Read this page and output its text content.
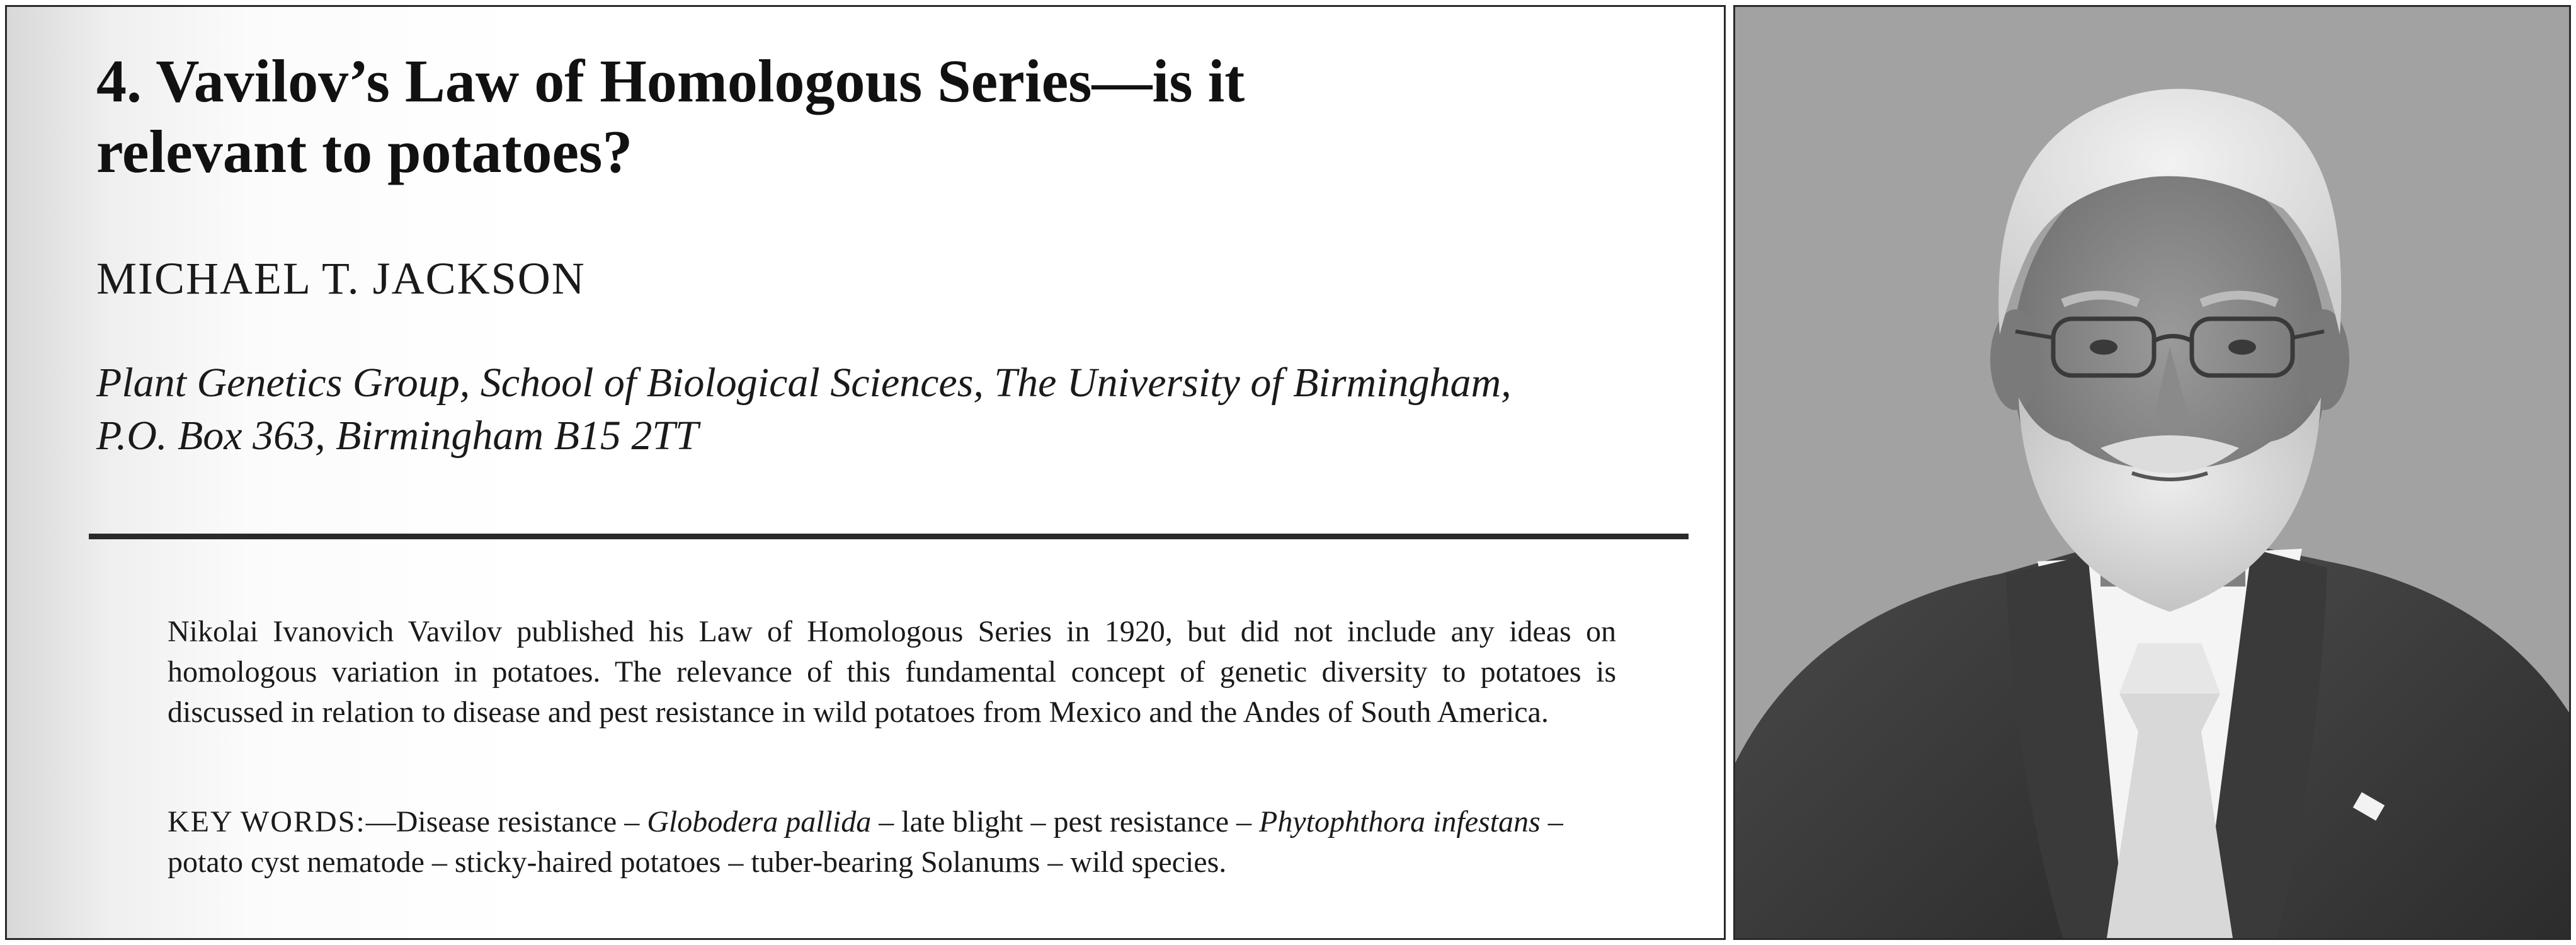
4. Vavilov’s Law of Homologous Series—is it
relevant to potatoes?
MICHAEL T. JACKSON
Plant Genetics Group, School of Biological Sciences, The University of Birmingham,
P.O. Box 363, Birmingham B15 2TT
Nikolai Ivanovich Vavilov published his Law of Homologous Series in 1920, but did not include any ideas on homologous variation in potatoes. The relevance of this fundamental concept of genetic diversity to potatoes is discussed in relation to disease and pest resistance in wild potatoes from Mexico and the Andes of South America.
KEY WORDS:—Disease resistance – Globodera pallida – late blight – pest resistance – Phytophthora infestans – potato cyst nematode – sticky-haired potatoes – tuber-bearing Solanums – wild species.
